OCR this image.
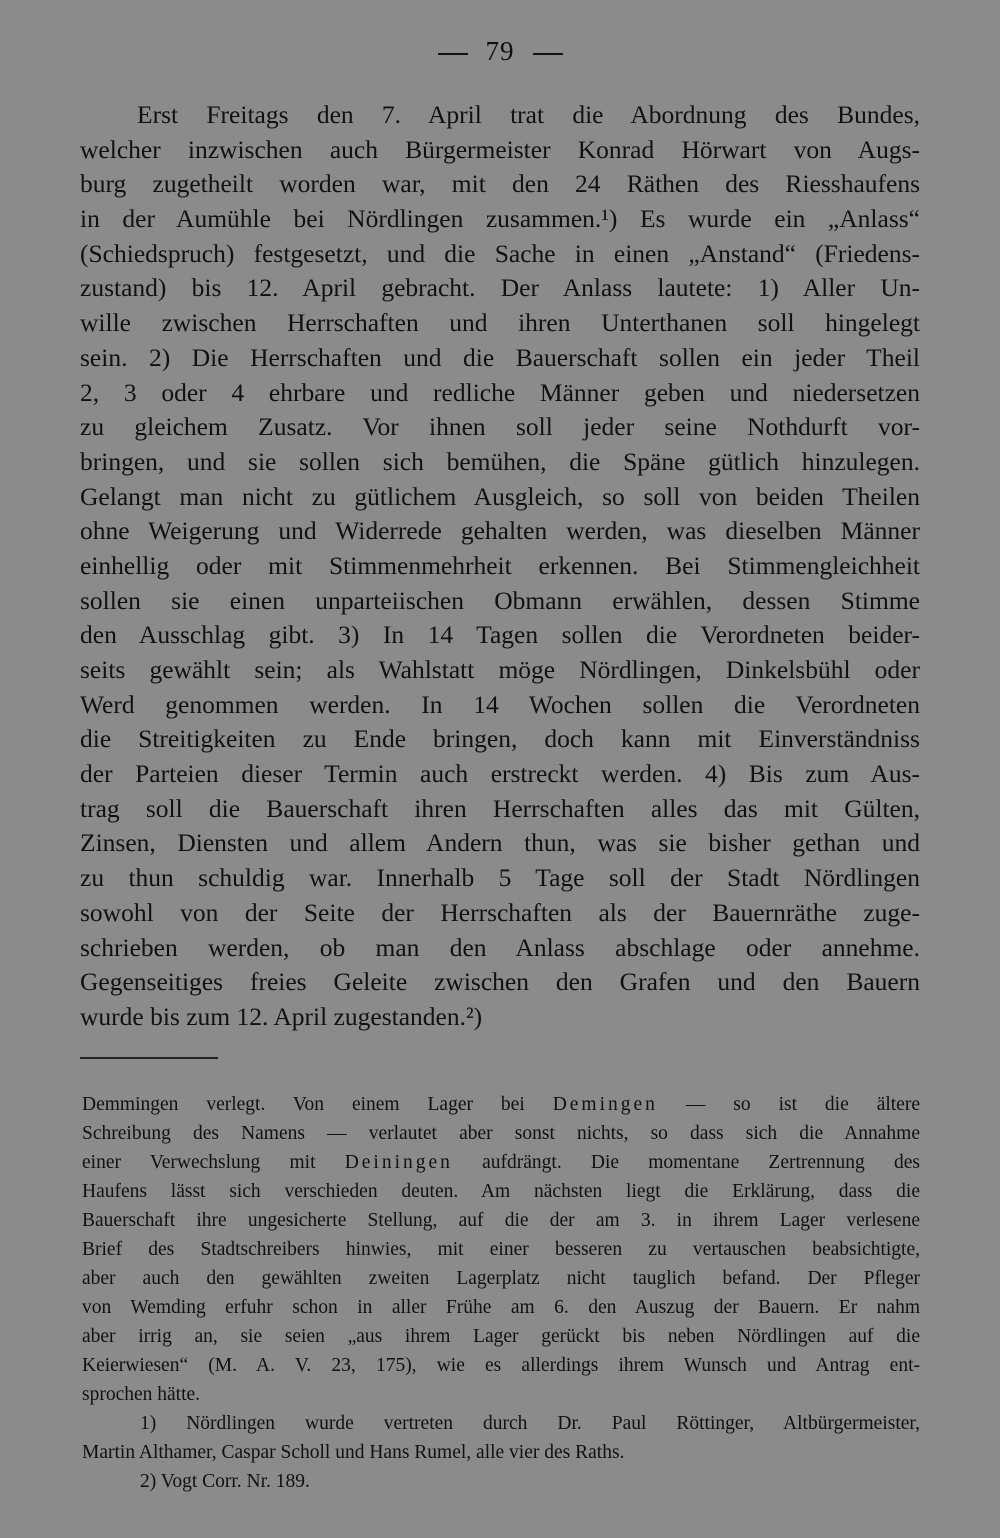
79
Erst Freitags den 7. April trat die Abordnung des Bundes,
welcher inzwischen auch Bürgermeister Konrad Hörwart von Augs-
burg zugetheilt worden war, mit den 24 Räthen des Riesshaufens
in der Aumühle bei Nördlingen zusammen.¹) Es wurde ein „Anlass“
(Schiedspruch) festgesetzt, und die Sache in einen „Anstand“ (Friedens-
zustand) bis 12. April gebracht. Der Anlass lautete: 1) Aller Un-
wille zwischen Herrschaften und ihren Unterthanen soll hingelegt
sein. 2) Die Herrschaften und die Bauerschaft sollen ein jeder Theil
2, 3 oder 4 ehrbare und redliche Männer geben und niedersetzen
zu gleichem Zusatz. Vor ihnen soll jeder seine Nothdurft vor-
bringen, und sie sollen sich bemühen, die Späne gütlich hinzulegen.
Gelangt man nicht zu gütlichem Ausgleich, so soll von beiden Theilen
ohne Weigerung und Widerrede gehalten werden, was dieselben Männer
einhellig oder mit Stimmenmehrheit erkennen. Bei Stimmengleichheit
sollen sie einen unparteiischen Obmann erwählen, dessen Stimme
den Ausschlag gibt. 3) In 14 Tagen sollen die Verordneten beider-
seits gewählt sein; als Wahlstatt möge Nördlingen, Dinkelsbühl oder
Werd genommen werden. In 14 Wochen sollen die Verordneten
die Streitigkeiten zu Ende bringen, doch kann mit Einverständniss
der Parteien dieser Termin auch erstreckt werden. 4) Bis zum Aus-
trag soll die Bauerschaft ihren Herrschaften alles das mit Gülten,
Zinsen, Diensten und allem Andern thun, was sie bisher gethan und
zu thun schuldig war. Innerhalb 5 Tage soll der Stadt Nördlingen
sowohl von der Seite der Herrschaften als der Bauernräthe zuge-
schrieben werden, ob man den Anlass abschlage oder annehme.
Gegenseitiges freies Geleite zwischen den Grafen und den Bauern
wurde bis zum 12. April zugestanden.²)
Demmingen verlegt. Von einem Lager bei Demingen — so ist die ältere
Schreibung des Namens — verlautet aber sonst nichts, so dass sich die Annahme
einer Verwechslung mit Deiningen aufdrängt. Die momentane Zertrennung des
Haufens lässt sich verschieden deuten. Am nächsten liegt die Erklärung, dass die
Bauerschaft ihre ungesicherte Stellung, auf die der am 3. in ihrem Lager verlesene
Brief des Stadtschreibers hinwies, mit einer besseren zu vertauschen beabsichtigte,
aber auch den gewählten zweiten Lagerplatz nicht tauglich befand. Der Pfleger
von Wemding erfuhr schon in aller Frühe am 6. den Auszug der Bauern. Er nahm
aber irrig an, sie seien „aus ihrem Lager gerückt bis neben Nördlingen auf die
Keierwiesen“ (M. A. V. 23, 175), wie es allerdings ihrem Wunsch und Antrag ent-
sprochen hätte.
1) Nördlingen wurde vertreten durch Dr. Paul Röttinger, Altbürgermeister,
Martin Althamer, Caspar Scholl und Hans Rumel, alle vier des Raths.
2) Vogt Corr. Nr. 189.
